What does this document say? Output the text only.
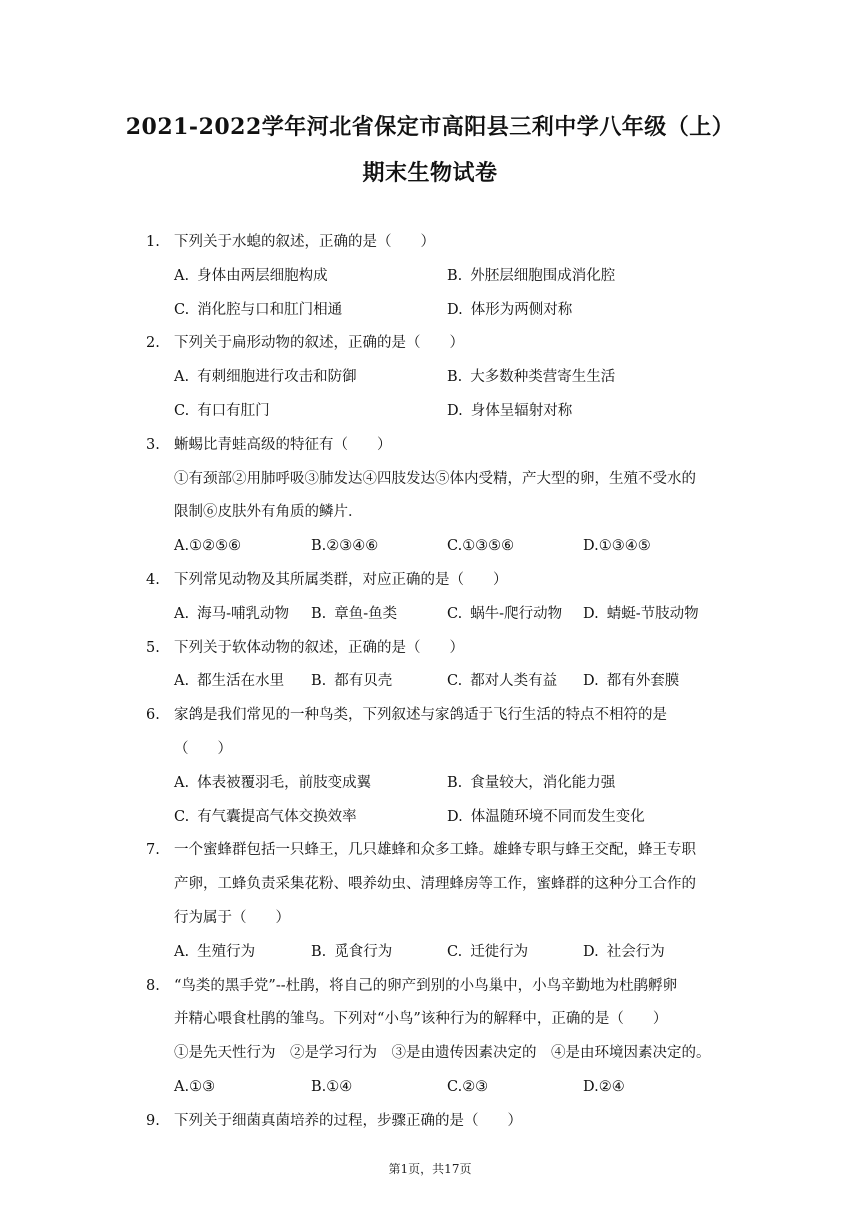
2021-2022学年河北省保定市高阳县三利中学八年级（上）
期末生物试卷
1. 下列关于水螅的叙述，正确的是（　　）
A. 身体由两层细胞构成	B. 外胚层细胞围成消化腔
C. 消化腔与口和肛门相通	D. 体形为两侧对称
2. 下列关于扁形动物的叙述，正确的是（　　）
A. 有刺细胞进行攻击和防御	B. 大多数种类营寄生生活
C. 有口有肛门	D. 身体呈辐射对称
3. 蜥蜴比青蛙高级的特征有（　　）
①有颈部②用肺呼吸③肺发达④四肢发达⑤体内受精，产大型的卵，生殖不受水的
限制⑥皮肤外有角质的鳞片．
A.①②⑤⑥	B.②③④⑥	C.①③⑤⑥	D.①③④⑤
4. 下列常见动物及其所属类群，对应正确的是（　　）
A. 海马-哺乳动物 B. 章鱼-鱼类	C. 蜗牛-爬行动物 D. 蜻蜓-节肢动物
5. 下列关于软体动物的叙述，正确的是（　　）
A. 都生活在水里 B. 都有贝壳	C. 都对人类有益 D. 都有外套膜
6. 家鸽是我们常见的一种鸟类，下列叙述与家鸽适于飞行生活的特点不相符的是
（　　）
A. 体表被覆羽毛，前肢变成翼	B. 食量较大，消化能力强
C. 有气囊提高气体交换效率	D. 体温随环境不同而发生变化
7. 一个蜜蜂群包括一只蜂王，几只雄蜂和众多工蜂。雄蜂专职与蜂王交配，蜂王专职
产卵，工蜂负责采集花粉、喂养幼虫、清理蜂房等工作，蜜蜂群的这种分工合作的
行为属于（　　）
A. 生殖行为	B. 觅食行为	C. 迁徙行为	D. 社会行为
8. “鸟类的黑手党”--杜鹃，将自己的卵产到别的小鸟巢中，小鸟辛勤地为杜鹃孵卵
并精心喂食杜鹃的雏鸟。下列对“小鸟”该种行为的解释中，正确的是（　　）
①是先天性行为　②是学习行为　③是由遗传因素决定的　④是由环境因素决定的。
A.①③	B.①④	C.②③	D.②④
9. 下列关于细菌真菌培养的过程，步骤正确的是（　　）
第1页，共17页
